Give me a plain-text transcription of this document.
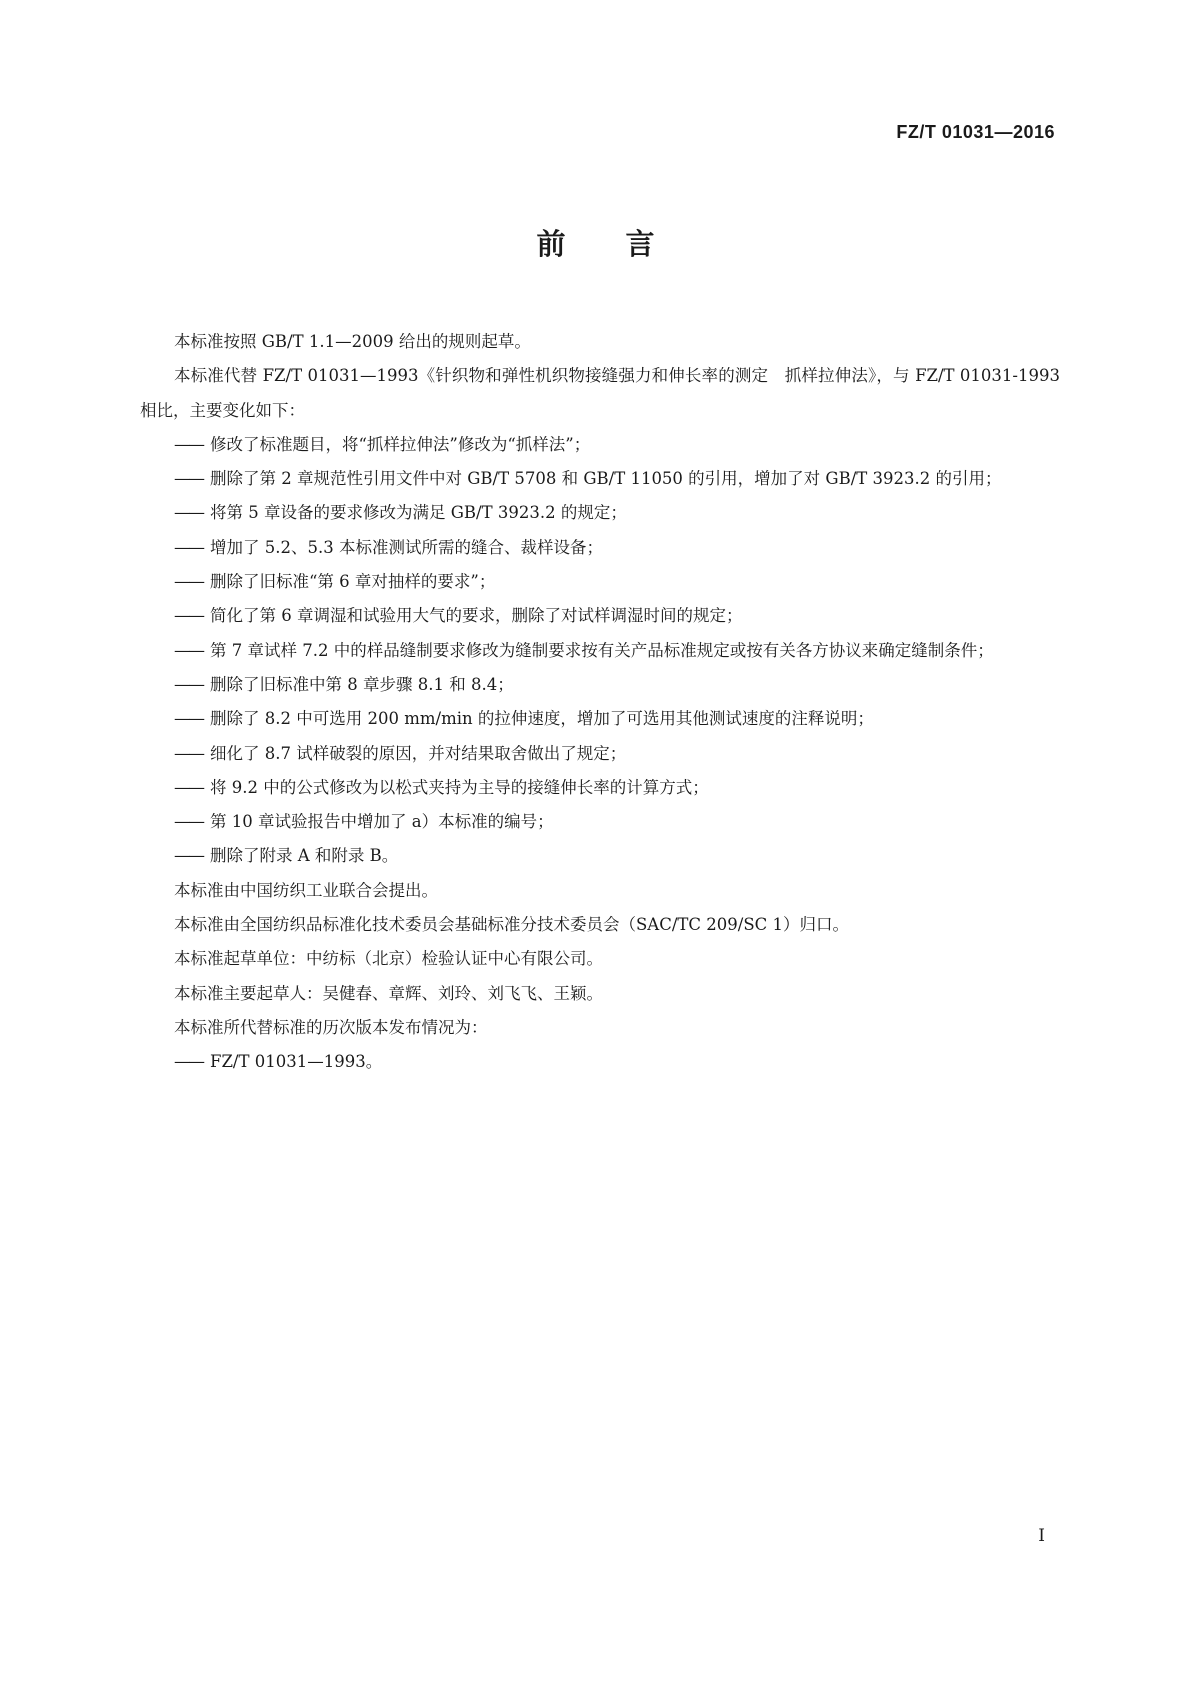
FZ/T 01031—2016
前言

本标准按照 GB/T 1.1—2009 给出的规则起草。

本标准代替 FZ/T 01031—1993《针织物和弹性机织物接缝强力和伸长率的测定　抓样拉伸法》，与 FZ/T 01031-1993 相比，主要变化如下：

—— 修改了标准题目，将“抓样拉伸法”修改为“抓样法”；

—— 删除了第 2 章规范性引用文件中对 GB/T 5708 和 GB/T 11050 的引用，增加了对 GB/T 3923.2 的引用；

—— 将第 5 章设备的要求修改为满足 GB/T 3923.2 的规定；

—— 增加了 5.2、5.3 本标准测试所需的缝合、裁样设备；

—— 删除了旧标准“第 6 章对抽样的要求”；

—— 简化了第 6 章调湿和试验用大气的要求，删除了对试样调湿时间的规定；

—— 第 7 章试样 7.2 中的样品缝制要求修改为缝制要求按有关产品标准规定或按有关各方协议来确定缝制条件；

—— 删除了旧标准中第 8 章步骤 8.1 和 8.4；

—— 删除了 8.2 中可选用 200 mm/min 的拉伸速度，增加了可选用其他测试速度的注释说明；

—— 细化了 8.7 试样破裂的原因，并对结果取舍做出了规定；

—— 将 9.2 中的公式修改为以松式夹持为主导的接缝伸长率的计算方式；

—— 第 10 章试验报告中增加了 a）本标准的编号；

—— 删除了附录 A 和附录 B。

本标准由中国纺织工业联合会提出。

本标准由全国纺织品标准化技术委员会基础标准分技术委员会（SAC/TC 209/SC 1）归口。

本标准起草单位：中纺标（北京）检验认证中心有限公司。

本标准主要起草人：吴健春、章辉、刘玲、刘飞飞、王颖。

本标准所代替标准的历次版本发布情况为：

—— FZ/T 01031—1993。

I
